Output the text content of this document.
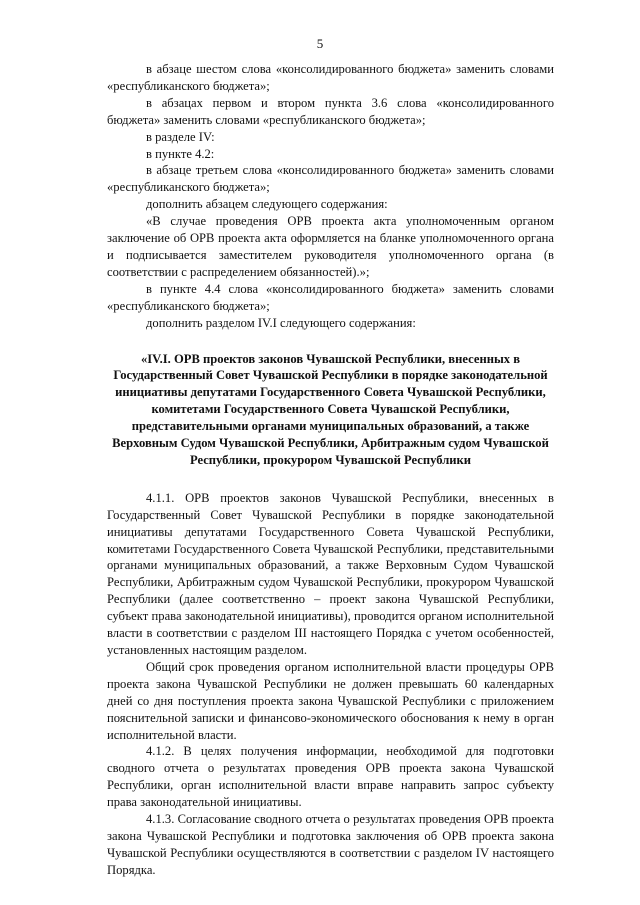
5

в абзаце шестом слова «консолидированного бюджета» заменить словами «республиканского бюджета»;

в абзацах первом и втором пункта 3.6 слова «консолидированного бюджета» заменить словами «республиканского бюджета»;

в разделе IV:

в пункте 4.2:

в абзаце третьем слова «консолидированного бюджета» заменить словами «республиканского бюджета»;

дополнить абзацем следующего содержания:

«В случае проведения ОРВ проекта акта уполномоченным органом заключение об ОРВ проекта акта оформляется на бланке уполномоченного органа и подписывается заместителем руководителя уполномоченного органа (в соответствии с распределением обязанностей).»;

в пункте 4.4 слова «консолидированного бюджета» заменить словами «республиканского бюджета»;

дополнить разделом IV.I следующего содержания:

«IV.I. ОРВ проектов законов Чувашской Республики, внесенных в Государственный Совет Чувашской Республики в порядке законодательной инициативы депутатами Государственного Совета Чувашской Республики, комитетами Государственного Совета Чувашской Республики, представительными органами муниципальных образований, а также Верховным Судом Чувашской Республики, Арбитражным судом Чувашской Республики, прокурором Чувашской Республики

4.1.1. ОРВ проектов законов Чувашской Республики, внесенных в Государственный Совет Чувашской Республики в порядке законодательной инициативы депутатами Государственного Совета Чувашской Республики, комитетами Государственного Совета Чувашской Республики, представительными органами муниципальных образований, а также Верховным Судом Чувашской Республики, Арбитражным судом Чувашской Республики, прокурором Чувашской Республики (далее соответственно – проект закона Чувашской Республики, субъект права законодательной инициативы), проводится органом исполнительной власти в соответствии с разделом III настоящего Порядка с учетом особенностей, установленных настоящим разделом.

Общий срок проведения органом исполнительной власти процедуры ОРВ проекта закона Чувашской Республики не должен превышать 60 календарных дней со дня поступления проекта закона Чувашской Республики с приложением пояснительной записки и финансово-экономического обоснования к нему в орган исполнительной власти.

4.1.2. В целях получения информации, необходимой для подготовки сводного отчета о результатах проведения ОРВ проекта закона Чувашской Республики, орган исполнительной власти вправе направить запрос субъекту права законодательной инициативы.

4.1.3. Согласование сводного отчета о результатах проведения ОРВ проекта закона Чувашской Республики и подготовка заключения об ОРВ проекта закона Чувашской Республики осуществляются в соответствии с разделом IV настоящего Порядка.
